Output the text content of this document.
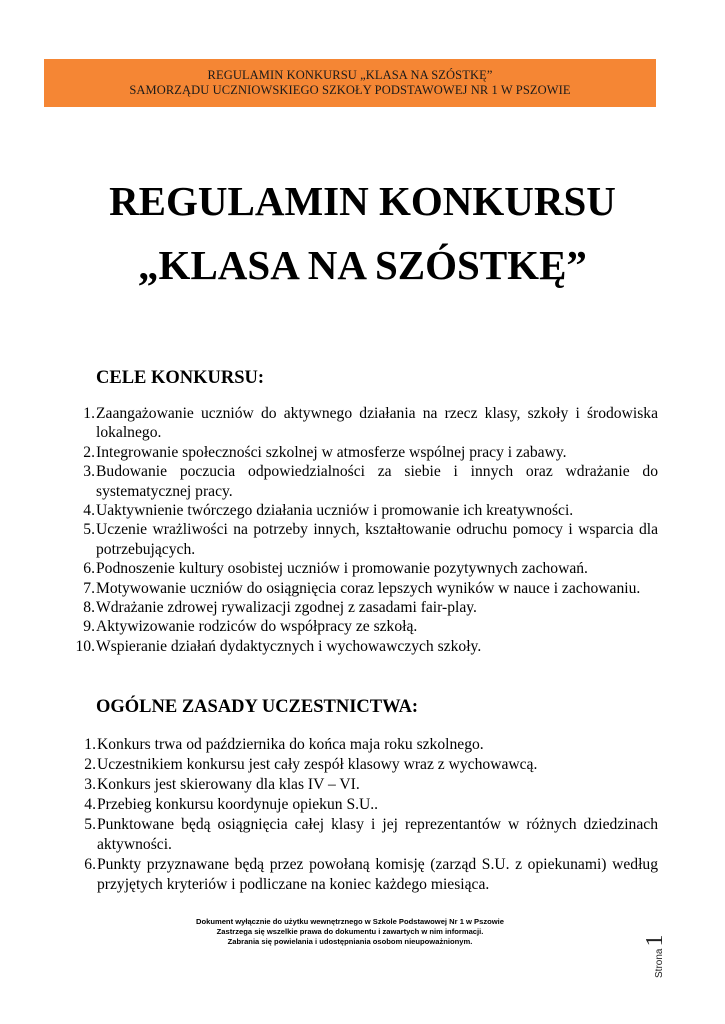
REGULAMIN KONKURSU „KLASA NA SZÓSTKĘ”
SAMORZĄDU UCZNIOWSKIEGO SZKOŁY PODSTAWOWEJ NR 1 W PSZOWIE
REGULAMIN KONKURSU
„KLASA NA SZÓSTKĘ”
CELE KONKURSU:
1. Zaangażowanie uczniów do aktywnego działania na rzecz klasy, szkoły i środowiska lokalnego.
2. Integrowanie społeczności szkolnej w atmosferze wspólnej pracy i zabawy.
3. Budowanie poczucia odpowiedzialności za siebie i innych oraz wdrażanie do systematycznej pracy.
4. Uaktywnienie twórczego działania uczniów i promowanie ich kreatywności.
5. Uczenie wrażliwości na potrzeby innych, kształtowanie odruchu pomocy i wsparcia dla potrzebujących.
6. Podnoszenie kultury osobistej uczniów i promowanie pozytywnych zachowań.
7. Motywowanie uczniów do osiągnięcia coraz lepszych wyników w nauce i zachowaniu.
8. Wdrażanie zdrowej rywalizacji zgodnej z zasadami fair-play.
9. Aktywizowanie rodziców do współpracy ze szkołą.
10. Wspieranie działań dydaktycznych i wychowawczych szkoły.
OGÓLNE ZASADY UCZESTNICTWA:
1. Konkurs trwa od października do końca maja roku szkolnego.
2. Uczestnikiem konkursu jest cały zespół klasowy wraz z wychowawcą.
3. Konkurs jest skierowany dla klas IV – VI.
4. Przebieg konkursu koordynuje opiekun S.U..
5. Punktowane będą osiągnięcia całej klasy i jej reprezentantów w różnych dziedzinach aktywności.
6. Punkty przyznawane będą przez powołaną komisję (zarząd S.U. z opiekunami) według przyjętych kryteriów i podliczane na koniec każdego miesiąca.
Dokument wyłącznie do użytku wewnętrznego w Szkole Podstawowej Nr 1 w Pszowie
Zastrzega się wszelkie prawa do dokumentu i zawartych w nim informacji.
Zabrania się powielania i udostępniania osobom nieupoważnionym.
Strona
1
